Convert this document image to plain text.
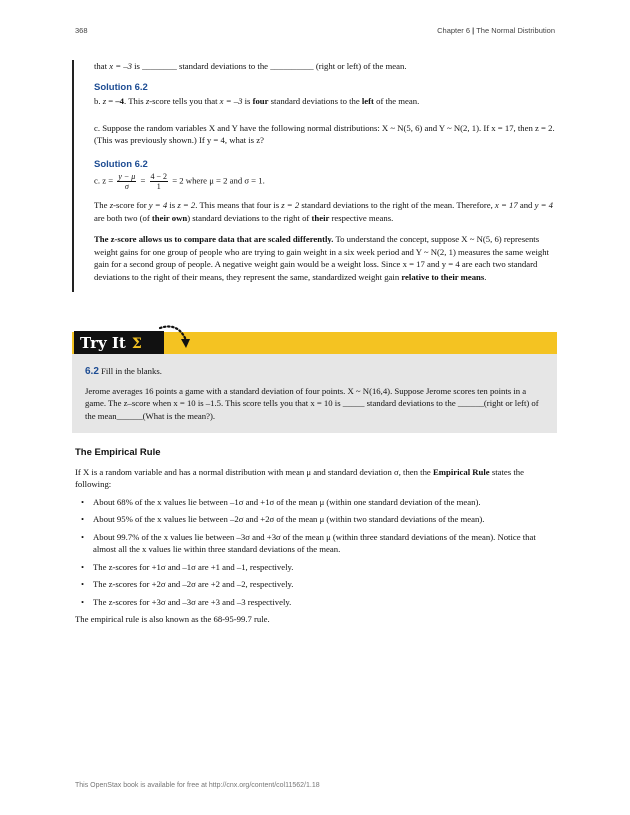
368	Chapter 6 | The Normal Distribution

that x = –3 is ________ standard deviations to the __________ (right or left) of the mean.

Solution 6.2

b. z = –4. This z-score tells you that x = –3 is four standard deviations to the left of the mean.

c. Suppose the random variables X and Y have the following normal distributions: X ~ N(5, 6) and Y ~ N(2, 1). If x = 17, then z = 2. (This was previously shown.) If y = 4, what is z?

Solution 6.2

c. $z = \frac{y - \mu}{\sigma} = \frac{4 - 2}{1} = 2$ where μ = 2 and σ = 1.

The z-score for y = 4 is z = 2. This means that four is z = 2 standard deviations to the right of the mean. Therefore, x = 17 and y = 4 are both two (of their own) standard deviations to the right of their respective means.

The z-score allows us to compare data that are scaled differently. To understand the concept, suppose X ~ N(5, 6) represents weight gains for one group of people who are trying to gain weight in a six week period and Y ~ N(2, 1) measures the same weight gain for a second group of people. A negative weight gain would be a weight loss. Since x = 17 and y = 4 are each two standard deviations to the right of their means, they represent the same, standardized weight gain relative to their means.

Try It Σ

6.2 Fill in the blanks.

Jerome averages 16 points a game with a standard deviation of four points. X ~ N(16,4). Suppose Jerome scores ten points in a game. The z–score when x = 10 is –1.5. This score tells you that x = 10 is _____ standard deviations to the ______(right or left) of the mean______(What is the mean?).

The Empirical Rule

If X is a random variable and has a normal distribution with mean μ and standard deviation σ, then the Empirical Rule states the following:

• About 68% of the x values lie between –1σ and +1σ of the mean μ (within one standard deviation of the mean).
• About 95% of the x values lie between –2σ and +2σ of the mean μ (within two standard deviations of the mean).
• About 99.7% of the x values lie between –3σ and +3σ of the mean μ (within three standard deviations of the mean). Notice that almost all the x values lie within three standard deviations of the mean.
• The z-scores for +1σ and –1σ are +1 and –1, respectively.
• The z-scores for +2σ and –2σ are +2 and –2, respectively.
• The z-scores for +3σ and –3σ are +3 and –3 respectively.

The empirical rule is also known as the 68-95-99.7 rule.

This OpenStax book is available for free at http://cnx.org/content/col11562/1.18
